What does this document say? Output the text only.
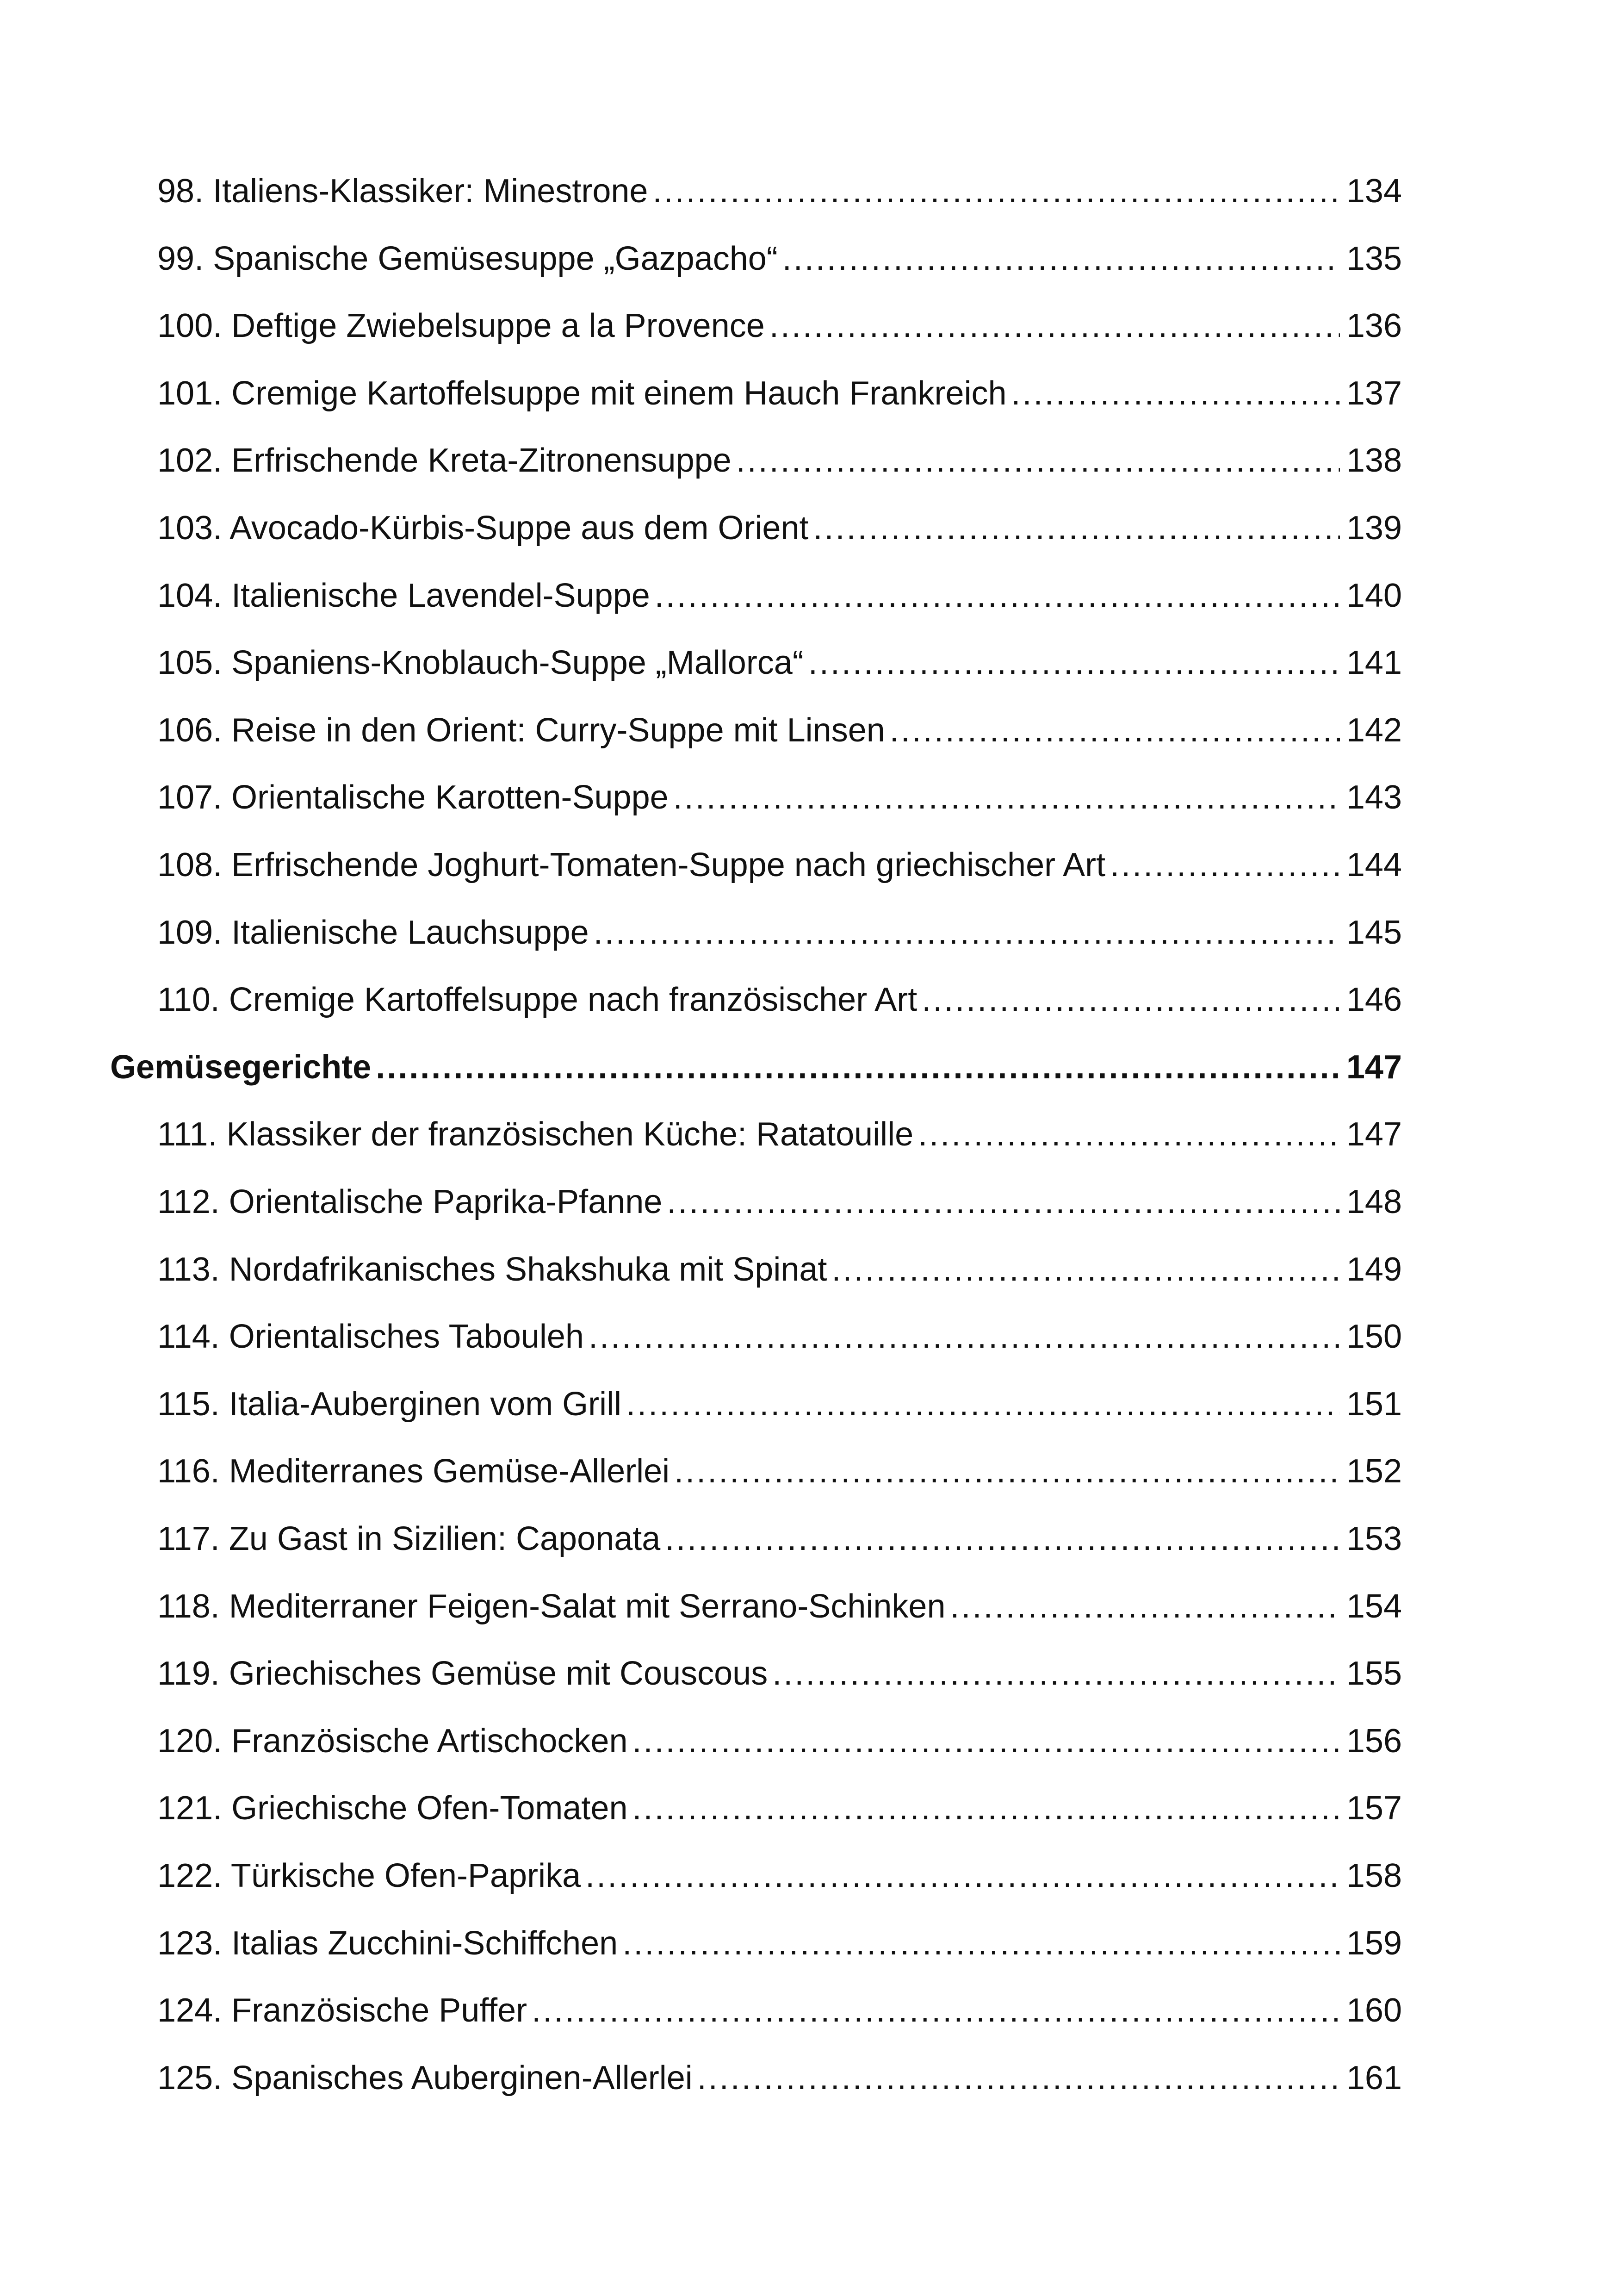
98. Italiens-Klassiker: Minestrone .....	134
99. Spanische Gemüsesuppe „Gazpacho“ .....	135
100. Deftige Zwiebelsuppe a la Provence .....	136
101. Cremige Kartoffelsuppe mit einem Hauch Frankreich .....	137
102. Erfrischende Kreta-Zitronensuppe .....	138
103. Avocado-Kürbis-Suppe aus dem Orient .....	139
104. Italienische Lavendel-Suppe .....	140
105. Spaniens-Knoblauch-Suppe „Mallorca“ .....	141
106. Reise in den Orient: Curry-Suppe mit Linsen .....	142
107. Orientalische Karotten-Suppe .....	143
108. Erfrischende Joghurt-Tomaten-Suppe nach griechischer Art .....	144
109. Italienische Lauchsuppe .....	145
110. Cremige Kartoffelsuppe nach französischer Art .....	146
Gemüsegerichte .....	147
111. Klassiker der französischen Küche: Ratatouille .....	147
112. Orientalische Paprika-Pfanne .....	148
113. Nordafrikanisches Shakshuka mit Spinat .....	149
114. Orientalisches Tabouleh .....	150
115. Italia-Auberginen vom Grill .....	151
116. Mediterranes Gemüse-Allerlei .....	152
117. Zu Gast in Sizilien: Caponata .....	153
118. Mediterraner Feigen-Salat mit Serrano-Schinken .....	154
119. Griechisches Gemüse mit Couscous .....	155
120. Französische Artischocken .....	156
121. Griechische Ofen-Tomaten .....	157
122. Türkische Ofen-Paprika .....	158
123. Italias Zucchini-Schiffchen .....	159
124. Französische Puffer .....	160
125. Spanisches Auberginen-Allerlei .....	161
